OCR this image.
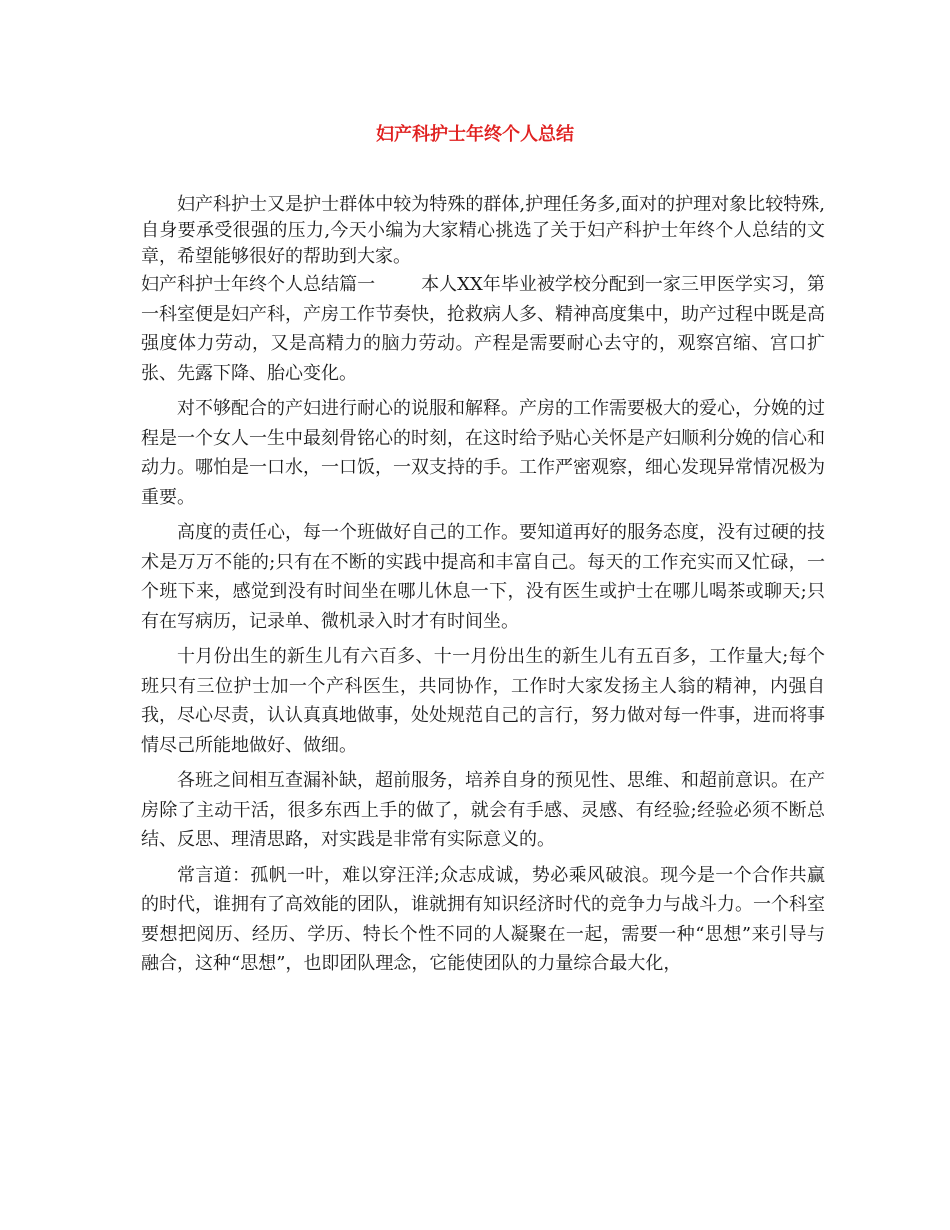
妇产科护士年终个人总结

妇产科护士又是护士群体中较为特殊的群体,护理任务多,面对的护理对象比较特殊,自身要承受很强的压力,今天小编为大家精心挑选了关于妇产科护士年终个人总结的文章，希望能够很好的帮助到大家。

妇产科护士年终个人总结篇一	本人XX年毕业被学校分配到一家三甲医学实习，第一科室便是妇产科，产房工作节奏快，抢救病人多、精神高度集中，助产过程中既是高强度体力劳动，又是高精力的脑力劳动。产程是需要耐心去守的，观察宫缩、宫口扩张、先露下降、胎心变化。

对不够配合的产妇进行耐心的说服和解释。产房的工作需要极大的爱心，分娩的过程是一个女人一生中最刻骨铭心的时刻，在这时给予贴心关怀是产妇顺利分娩的信心和动力。哪怕是一口水，一口饭，一双支持的手。工作严密观察，细心发现异常情况极为重要。

高度的责任心，每一个班做好自己的工作。要知道再好的服务态度，没有过硬的技术是万万不能的;只有在不断的实践中提高和丰富自己。每天的工作充实而又忙碌，一个班下来，感觉到没有时间坐在哪儿休息一下，没有医生或护士在哪儿喝茶或聊天;只有在写病历，记录单、微机录入时才有时间坐。

十月份出生的新生儿有六百多、十一月份出生的新生儿有五百多，工作量大;每个班只有三位护士加一个产科医生，共同协作，工作时大家发扬主人翁的精神，内强自我，尽心尽责，认认真真地做事，处处规范自己的言行，努力做对每一件事，进而将事情尽己所能地做好、做细。

各班之间相互查漏补缺，超前服务，培养自身的预见性、思维、和超前意识。在产房除了主动干活，很多东西上手的做了，就会有手感、灵感、有经验;经验必须不断总结、反思、理清思路，对实践是非常有实际意义的。

常言道：孤帆一叶，难以穿汪洋;众志成诚，势必乘风破浪。现今是一个合作共赢的时代，谁拥有了高效能的团队，谁就拥有知识经济时代的竞争力与战斗力。一个科室要想把阅历、经历、学历、特长个性不同的人凝聚在一起，需要一种“思想”来引导与融合，这种“思想”，也即团队理念，它能使团队的力量综合最大化，
